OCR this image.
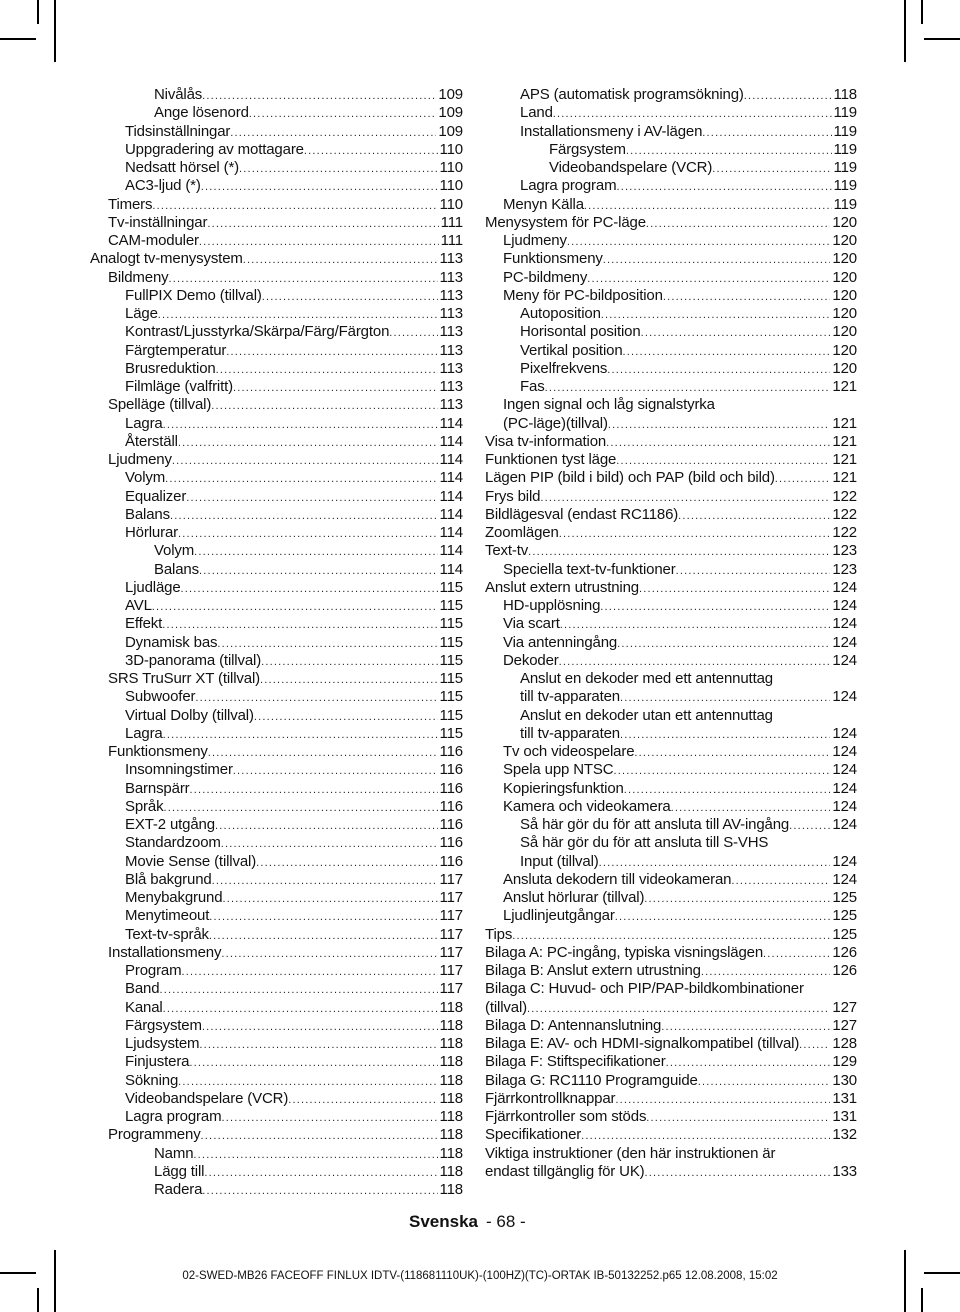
Nivålås .....	109
Ange lösenord .....	109
Tidsinställningar .....	109
Uppgradering av mottagare .....	110
Nedsatt hörsel (*) .....	110
AC3-ljud (*) .....	110
Timers .....	110
Tv-inställningar .....	111
CAM-moduler .....	111
Analogt tv-menysystem .....	113
Bildmeny .....	113
FullPIX Demo (tillval) .....	113
Läge .....	113
Kontrast/Ljusstyrka/Skärpa/Färg/Färgton .....	113
Färgtemperatur .....	113
Brusreduktion .....	113
Filmläge (valfritt) .....	113
Spelläge (tillval) .....	113
Lagra .....	114
Återställ .....	114
Ljudmeny .....	114
Volym .....	114
Equalizer .....	114
Balans .....	114
Hörlurar .....	114
Volym .....	114
Balans .....	114
Ljudläge .....	115
AVL .....	115
Effekt .....	115
Dynamisk bas .....	115
3D-panorama (tillval) .....	115
SRS TruSurr XT (tillval) .....	115
Subwoofer .....	115
Virtual Dolby (tillval) .....	115
Lagra .....	115
Funktionsmeny .....	116
Insomningstimer .....	116
Barnspärr .....	116
Språk .....	116
EXT-2 utgång .....	116
Standardzoom .....	116
Movie Sense (tillval) .....	116
Blå bakgrund .....	117
Menybakgrund .....	117
Menytimeout .....	117
Text-tv-språk .....	117
Installationsmeny .....	117
Program .....	117
Band .....	117
Kanal .....	118
Färgsystem .....	118
Ljudsystem .....	118
Finjustera .....	118
Sökning .....	118
Videobandspelare (VCR) .....	118
Lagra program .....	118
Programmeny .....	118
Namn .....	118
Lägg till .....	118
Radera .....	118
APS (automatisk programsökning) .....	118
Land .....	119
Installationsmeny i AV-lägen .....	119
Färgsystem .....	119
Videobandspelare (VCR) .....	119
Lagra program .....	119
Menyn Källa .....	119
Menysystem för PC-läge .....	120
Ljudmeny .....	120
Funktionsmeny .....	120
PC-bildmeny .....	120
Meny för PC-bildposition .....	120
Autoposition .....	120
Horisontal position .....	120
Vertikal position .....	120
Pixelfrekvens .....	120
Fas .....	121
Ingen signal och låg signalstyrka
(PC-läge)(tillval) .....	121
Visa tv-information .....	121
Funktionen tyst läge .....	121
Lägen PIP (bild i bild) och PAP (bild och bild) .....	121
Frys bild .....	122
Bildlägesval (endast RC1186) .....	122
Zoomlägen .....	122
Text-tv .....	123
Speciella text-tv-funktioner .....	123
Anslut extern utrustning .....	124
HD-upplösning .....	124
Via scart .....	124
Via antenningång .....	124
Dekoder .....	124
Anslut en dekoder med ett antennuttag
till tv-apparaten .....	124
Anslut en dekoder utan ett antennuttag
till tv-apparaten .....	124
Tv och videospelare .....	124
Spela upp NTSC .....	124
Kopieringsfunktion .....	124
Kamera och videokamera .....	124
Så här gör du för att ansluta till AV-ingång .....	124
Så här gör du för att ansluta till S-VHS
Input (tillval) .....	124
Ansluta dekodern till videokameran .....	124
Anslut hörlurar (tillval) .....	125
Ljudlinjeutgångar .....	125
Tips .....	125
Bilaga A: PC-ingång, typiska visningslägen .....	126
Bilaga B: Anslut extern utrustning .....	126
Bilaga C: Huvud- och PIP/PAP-bildkombinationer
(tillval) .....	127
Bilaga D: Antennanslutning .....	127
Bilaga E: AV- och HDMI-signalkompatibel (tillval) ..... 128
Bilaga F: Stiftspecifikationer .....	129
Bilaga G: RC1110 Programguide .....	130
Fjärrkontrollknappar .....	131
Fjärrkontroller som stöds .....	131
Specifikationer .....	132
Viktiga instruktioner (den här instruktionen är
endast tillgänglig för UK) .....	133
Svenska - 68 -
02-SWED-MB26 FACEOFF FINLUX IDTV-(118681110UK)-(100HZ)(TC)-ORTAK IB-50132252.p65 12.08.2008, 15:02
